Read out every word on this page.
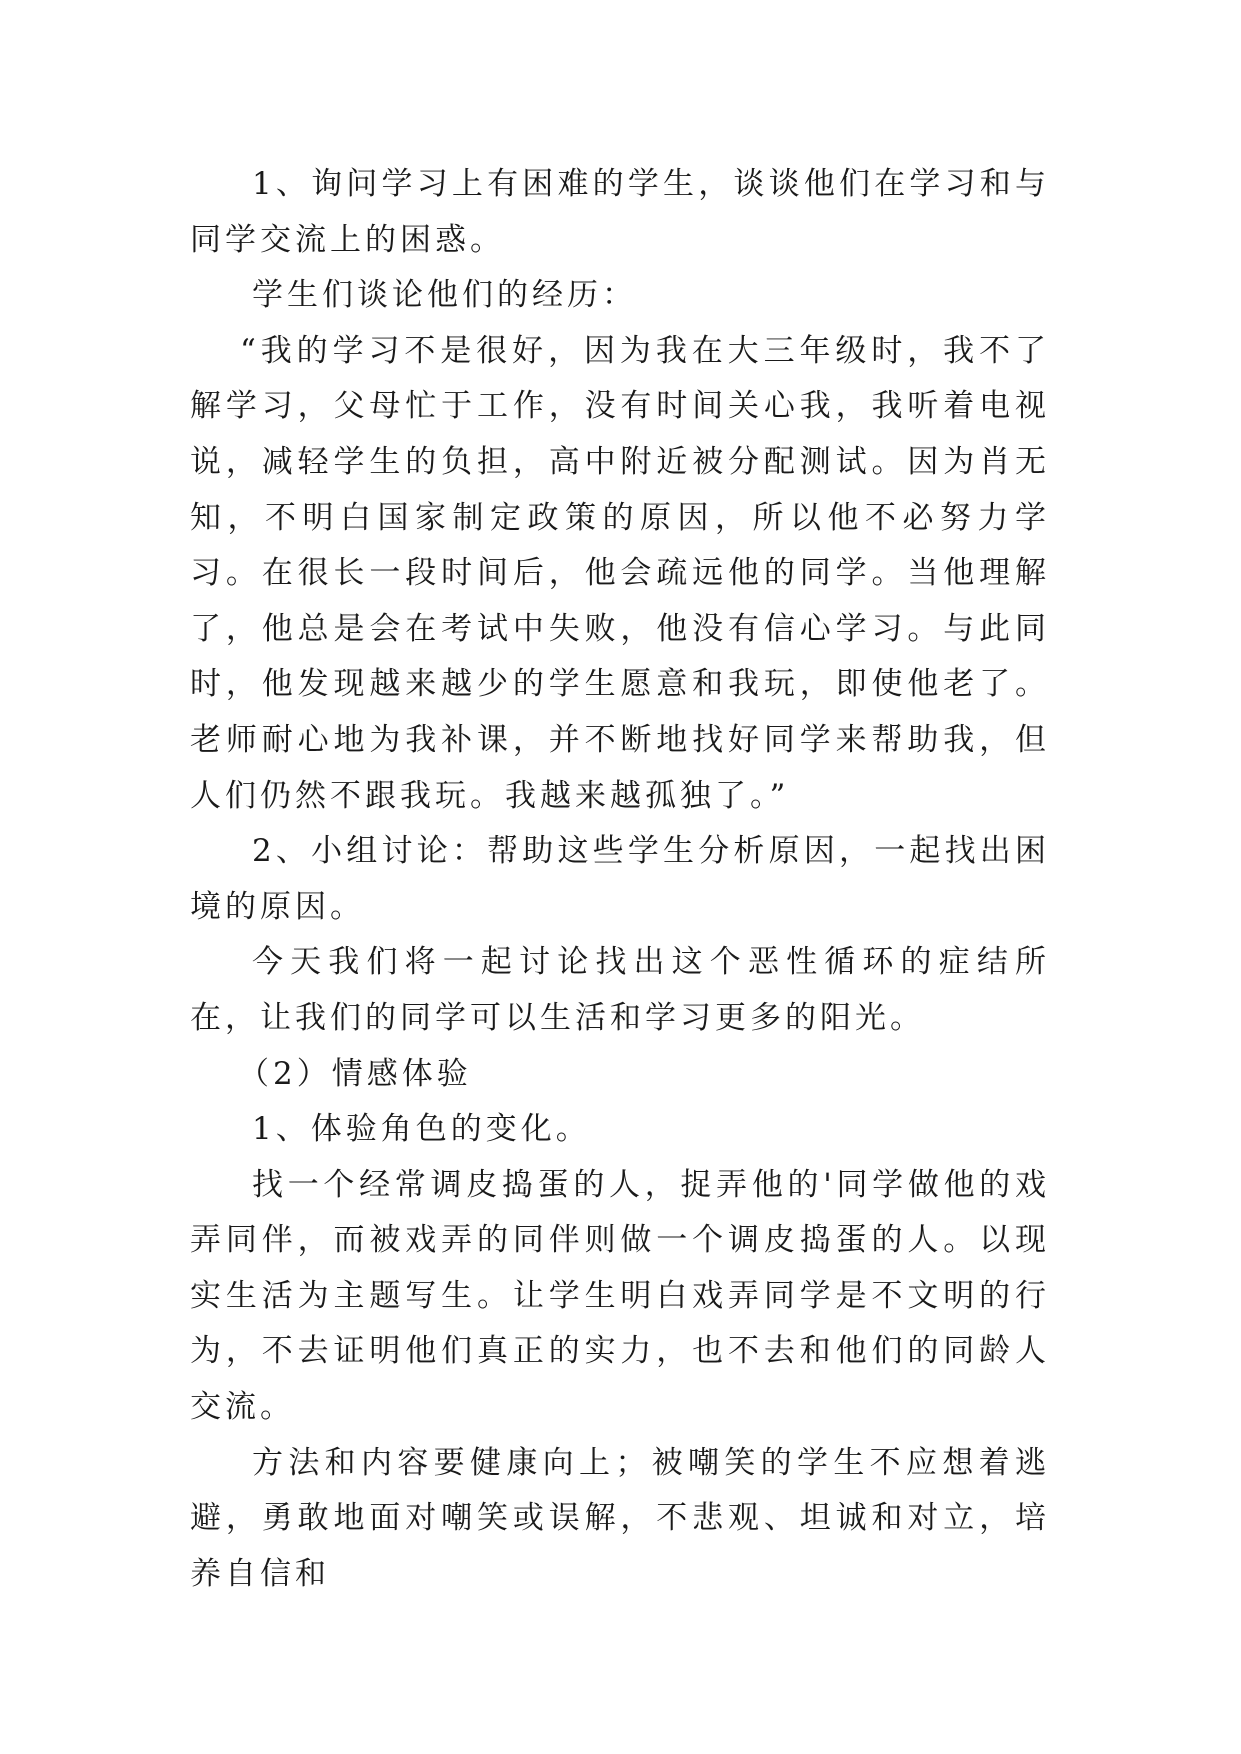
1、询问学习上有困难的学生，谈谈他们在学习和与同学交流上的困惑。

学生们谈论他们的经历：

“我的学习不是很好，因为我在大三年级时，我不了解学习，父母忙于工作，没有时间关心我，我听着电视说，减轻学生的负担，高中附近被分配测试。因为肖无知，不明白国家制定政策的原因，所以他不必努力学习。在很长一段时间后，他会疏远他的同学。当他理解了，他总是会在考试中失败，他没有信心学习。与此同时，他发现越来越少的学生愿意和我玩，即使他老了。老师耐心地为我补课，并不断地找好同学来帮助我，但人们仍然不跟我玩。我越来越孤独了。”

2、小组讨论：帮助这些学生分析原因，一起找出困境的原因。

今天我们将一起讨论找出这个恶性循环的症结所在，让我们的同学可以生活和学习更多的阳光。

（2）情感体验

1、体验角色的变化。

找一个经常调皮捣蛋的人，捉弄他的'同学做他的戏弄同伴，而被戏弄的同伴则做一个调皮捣蛋的人。以现实生活为主题写生。让学生明白戏弄同学是不文明的行为，不去证明他们真正的实力，也不去和他们的同龄人交流。

方法和内容要健康向上；被嘲笑的学生不应想着逃避，勇敢地面对嘲笑或误解，不悲观、坦诚和对立，培养自信和
